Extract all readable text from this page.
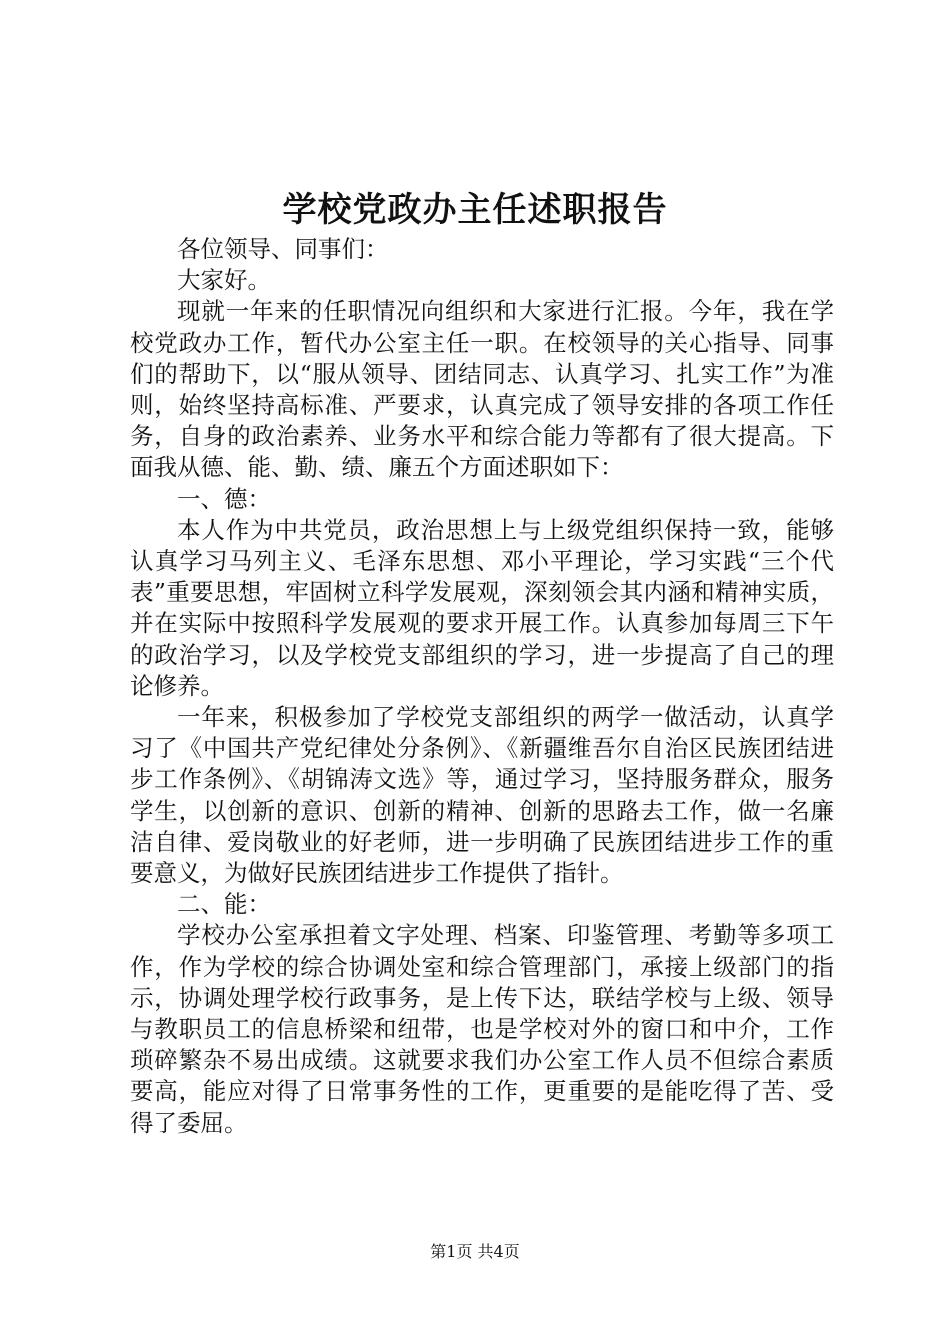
学校党政办主任述职报告

各位领导、同事们：

大家好。

现就一年来的任职情况向组织和大家进行汇报。今年，我在学校党政办工作，暂代办公室主任一职。在校领导的关心指导、同事们的帮助下，以“服从领导、团结同志、认真学习、扎实工作”为准则，始终坚持高标准、严要求，认真完成了领导安排的各项工作任务，自身的政治素养、业务水平和综合能力等都有了很大提高。下面我从德、能、勤、绩、廉五个方面述职如下：

一、德：

本人作为中共党员，政治思想上与上级党组织保持一致，能够认真学习马列主义、毛泽东思想、邓小平理论，学习实践“三个代表”重要思想，牢固树立科学发展观，深刻领会其内涵和精神实质，并在实际中按照科学发展观的要求开展工作。认真参加每周三下午的政治学习，以及学校党支部组织的学习，进一步提高了自己的理论修养。

一年来，积极参加了学校党支部组织的两学一做活动，认真学习了《中国共产党纪律处分条例》、《新疆维吾尔自治区民族团结进步工作条例》、《胡锦涛文选》等，通过学习，坚持服务群众，服务学生，以创新的意识、创新的精神、创新的思路去工作，做一名廉洁自律、爱岗敬业的好老师，进一步明确了民族团结进步工作的重要意义，为做好民族团结进步工作提供了指针。

二、能：

学校办公室承担着文字处理、档案、印鉴管理、考勤等多项工作，作为学校的综合协调处室和综合管理部门，承接上级部门的指示，协调处理学校行政事务，是上传下达，联结学校与上级、领导与教职员工的信息桥梁和纽带，也是学校对外的窗口和中介，工作琐碎繁杂不易出成绩。这就要求我们办公室工作人员不但综合素质要高，能应对得了日常事务性的工作，更重要的是能吃得了苦、受得了委屈。

第1页 共4页
